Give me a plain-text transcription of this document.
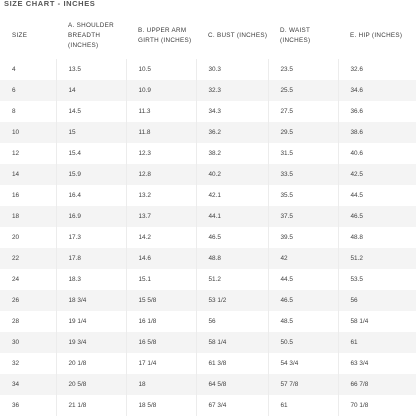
SIZE CHART - INCHES
SIZE	A. SHOULDER BREADTH (INCHES)	B. UPPER ARM GIRTH (INCHES)	C. BUST (INCHES)	D. WAIST (INCHES)	E. HIP (INCHES)
4	13.5	10.5	30.3	23.5	32.6
6	14	10.9	32.3	25.5	34.6
8	14.5	11.3	34.3	27.5	36.6
10	15	11.8	36.2	29.5	38.6
12	15.4	12.3	38.2	31.5	40.6
14	15.9	12.8	40.2	33.5	42.5
16	16.4	13.2	42.1	35.5	44.5
18	16.9	13.7	44.1	37.5	46.5
20	17.3	14.2	46.5	39.5	48.8
22	17.8	14.6	48.8	42	51.2
24	18.3	15.1	51.2	44.5	53.5
26	18 3/4	15 5/8	53 1/2	46.5	56
28	19 1/4	16 1/8	56	48.5	58 1/4
30	19 3/4	16 5/8	58 1/4	50.5	61
32	20 1/8	17 1/4	61 3/8	54 3/4	63 3/4
34	20 5/8	18	64 5/8	57 7/8	66 7/8
36	21 1/8	18 5/8	67 3/4	61	70 1/8
